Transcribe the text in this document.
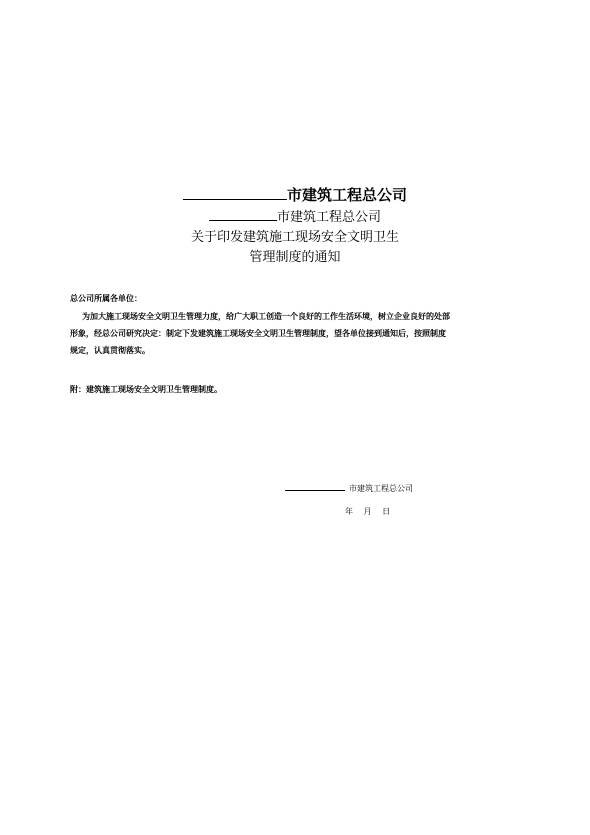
市建筑工程总公司
市建筑工程总公司
关于印发建筑施工现场安全文明卫生
管理制度的通知
总公司所属各单位：
为加大施工现场安全文明卫生管理力度，给广大职工创造一个良好的工作生活环境，树立企业良好的处部
形象，经总公司研究决定：制定下发建筑施工现场安全文明卫生管理制度，望各单位接到通知后，按照制度
规定，认真贯彻落实。
附：建筑施工现场安全文明卫生管理制度。
市建筑工程总公司
年 月 日
